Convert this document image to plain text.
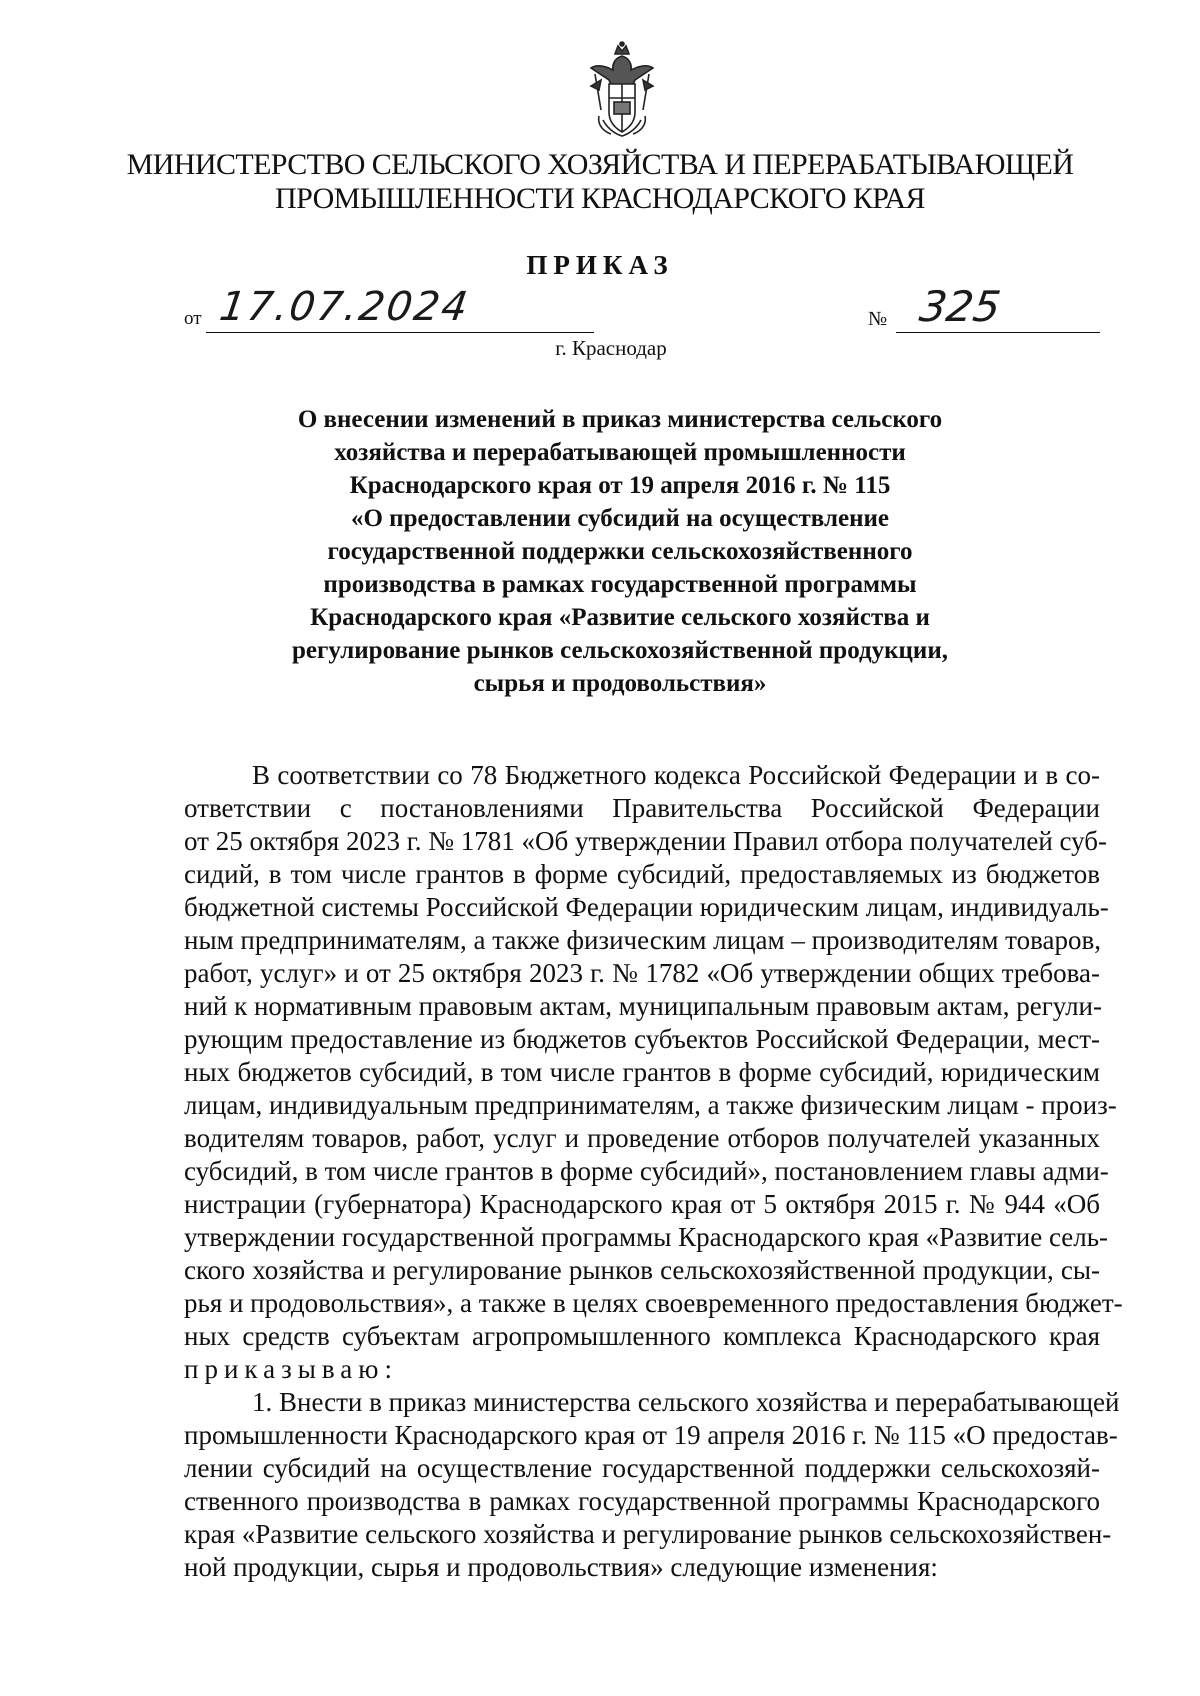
МИНИСТЕРСТВО СЕЛЬСКОГО ХОЗЯЙСТВА И ПЕРЕРАБАТЫВАЮЩЕЙ
ПРОМЫШЛЕННОСТИ КРАСНОДАРСКОГО КРАЯ
ПРИКАЗ
от 17.07.2024	№ 325
г. Краснодар
О внесении изменений в приказ министерства сельского
хозяйства и перерабатывающей промышленности
Краснодарского края от 19 апреля 2016 г. № 115
«О предоставлении субсидий на осуществление
государственной поддержки сельскохозяйственного
производства в рамках государственной программы
Краснодарского края «Развитие сельского хозяйства и
регулирование рынков сельскохозяйственной продукции,
сырья и продовольствия»
В соответствии со 78 Бюджетного кодекса Российской Федерации и в со-
ответствии с постановлениями Правительства Российской Федерации
от 25 октября 2023 г. № 1781 «Об утверждении Правил отбора получателей суб-
сидий, в том числе грантов в форме субсидий, предоставляемых из бюджетов
бюджетной системы Российской Федерации юридическим лицам, индивидуаль-
ным предпринимателям, а также физическим лицам – производителям товаров,
работ, услуг» и от 25 октября 2023 г. № 1782 «Об утверждении общих требова-
ний к нормативным правовым актам, муниципальным правовым актам, регули-
рующим предоставление из бюджетов субъектов Российской Федерации, мест-
ных бюджетов субсидий, в том числе грантов в форме субсидий, юридическим
лицам, индивидуальным предпринимателям, а также физическим лицам - произ-
водителям товаров, работ, услуг и проведение отборов получателей указанных
субсидий, в том числе грантов в форме субсидий», постановлением главы адми-
нистрации (губернатора) Краснодарского края от 5 октября 2015 г. № 944 «Об
утверждении государственной программы Краснодарского края «Развитие сель-
ского хозяйства и регулирование рынков сельскохозяйственной продукции, сы-
рья и продовольствия», а также в целях своевременного предоставления бюджет-
ных средств субъектам агропромышленного комплекса Краснодарского края
приказываю:
1. Внести в приказ министерства сельского хозяйства и перерабатывающей
промышленности Краснодарского края от 19 апреля 2016 г. № 115 «О предостав-
лении субсидий на осуществление государственной поддержки сельскохозяй-
ственного производства в рамках государственной программы Краснодарского
края «Развитие сельского хозяйства и регулирование рынков сельскохозяйствен-
ной продукции, сырья и продовольствия» следующие изменения:
